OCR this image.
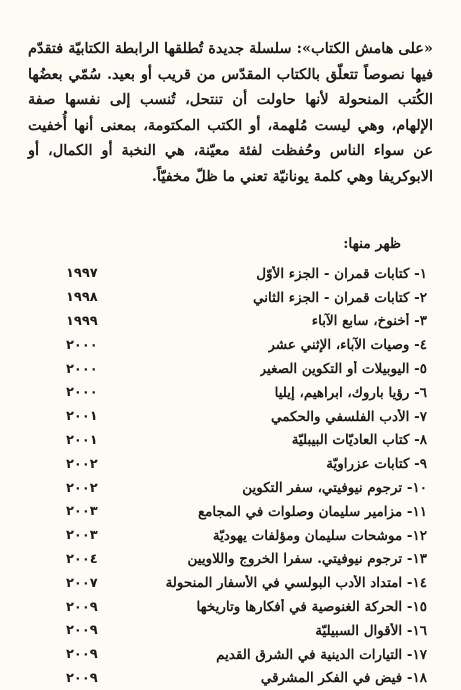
«على هامش الكتاب»: سلسلة جديدة تُطلقها الرابطة الكتابيّة فتقدّم فيها نصوصاً تتعلّق بالكتاب المقدّس من قريب أو بعيد. سُمّي بعضُها الكُتب المنحولة لأنها حاولت أن تنتحل، تُنسب إلى نفسها صفة الإلهام، وهي ليست مُلهمة، أو الكتب المكتومة، بمعنى أنها أُخفيت عن سواء الناس وحُفظت لفئة معيّنة، هي النخبة أو الكمال، أو الابوكريفا وهي كلمة يونانيّة تعني ما ظلّ مخفيّاً.

ظهر منها:
١- كتابات قمران - الجزء الأوّل
١٩٩٧
٢- كتابات قمران - الجزء الثاني
١٩٩٨
٣- أخنوخ، سابع الآباء
١٩٩٩
٤- وصيات الآباء، الإثني عشر
٢٠٠٠
٥- اليوبيلات أو التكوين الصغير
٢٠٠٠
٦- رؤيا باروك، ابراهيم، إيليا
٢٠٠٠
٧- الأدب الفلسفي والحكمي
٢٠٠١
٨- كتاب العاديّات البيبليّة
٢٠٠١
٩- كتابات عزراويّة
٢٠٠٢
١٠- ترجوم نيوفيتي، سفر التكوين
٢٠٠٢
١١- مزامير سليمان وصلوات في المجامع
٢٠٠٣
١٢- موشحات سليمان ومؤلفات يهوديّة
٢٠٠٣
١٣- ترجوم نيوفيتي. سفرا الخروج واللاويين
٢٠٠٤
١٤- امتداد الأدب البولسي في الأسفار المنحولة
٢٠٠٧
١٥- الحركة الغنوصية في أفكارها وتاريخها
٢٠٠٩
١٦- الأقوال السبيليّة
٢٠٠٩
١٧- التيارات الدينية في الشرق القديم
٢٠٠٩
١٨- فيض في الفكر المشرقي
٢٠٠٩
